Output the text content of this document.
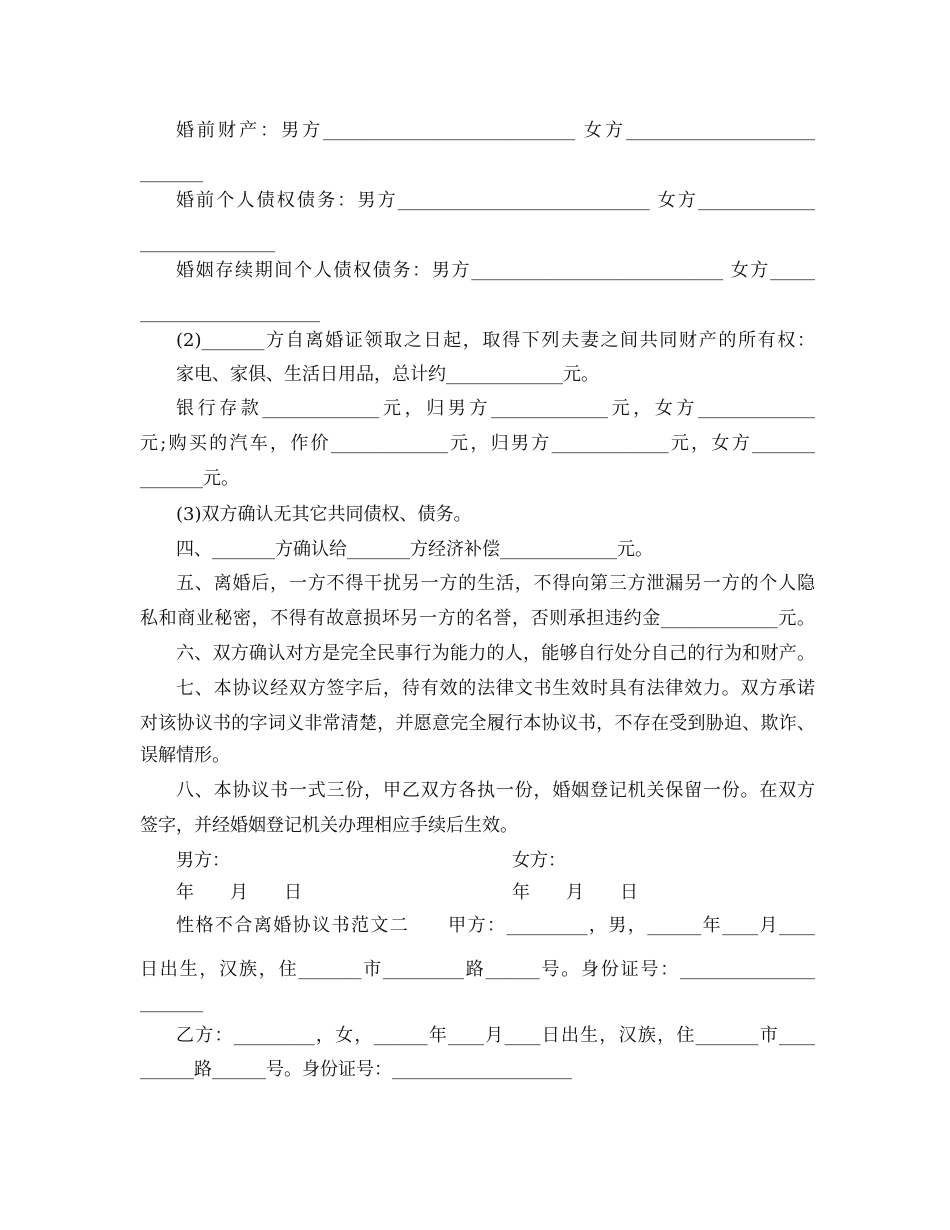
婚前财产：男方____________________________ 女方_____________________
_______
婚前个人债权债务：男方____________________________ 女方_____________
_______________
婚姻存续期间个人债权债务：男方____________________________ 女方_____
____________________
(2)_______方自离婚证领取之日起，取得下列夫妻之间共同财产的所有权：
家电、家俱、生活日用品，总计约_____________元。
银行存款_____________元，归男方_____________元，女方_____________
元;购买的汽车，作价_____________元，归男方_____________元，女方_______
_______元。
(3)双方确认无其它共同债权、债务。
四、_______方确认给_______方经济补偿_____________元。
五、离婚后，一方不得干扰另一方的生活，不得向第三方泄漏另一方的个人隐
私和商业秘密，不得有故意损坏另一方的名誉，否则承担违约金_____________元。
六、双方确认对方是完全民事行为能力的人，能够自行处分自己的行为和财产。
七、本协议经双方签字后，待有效的法律文书生效时具有法律效力。双方承诺
对该协议书的字词义非常清楚，并愿意完全履行本协议书，不存在受到胁迫、欺诈、
误解情形。
八、本协议书一式三份，甲乙双方各执一份，婚姻登记机关保留一份。在双方
签字，并经婚姻登记机关办理相应手续后生效。
男方：	女方：
年　　月　　日	年　　月　　日
性格不合离婚协议书范文二　　甲方：_________，男，______年____月____
日出生，汉族，住_______市_________路______号。身份证号：_______________
_______
乙方：_________，女，______年____月____日出生，汉族，住_______市____
______路______号。身份证号：____________________
